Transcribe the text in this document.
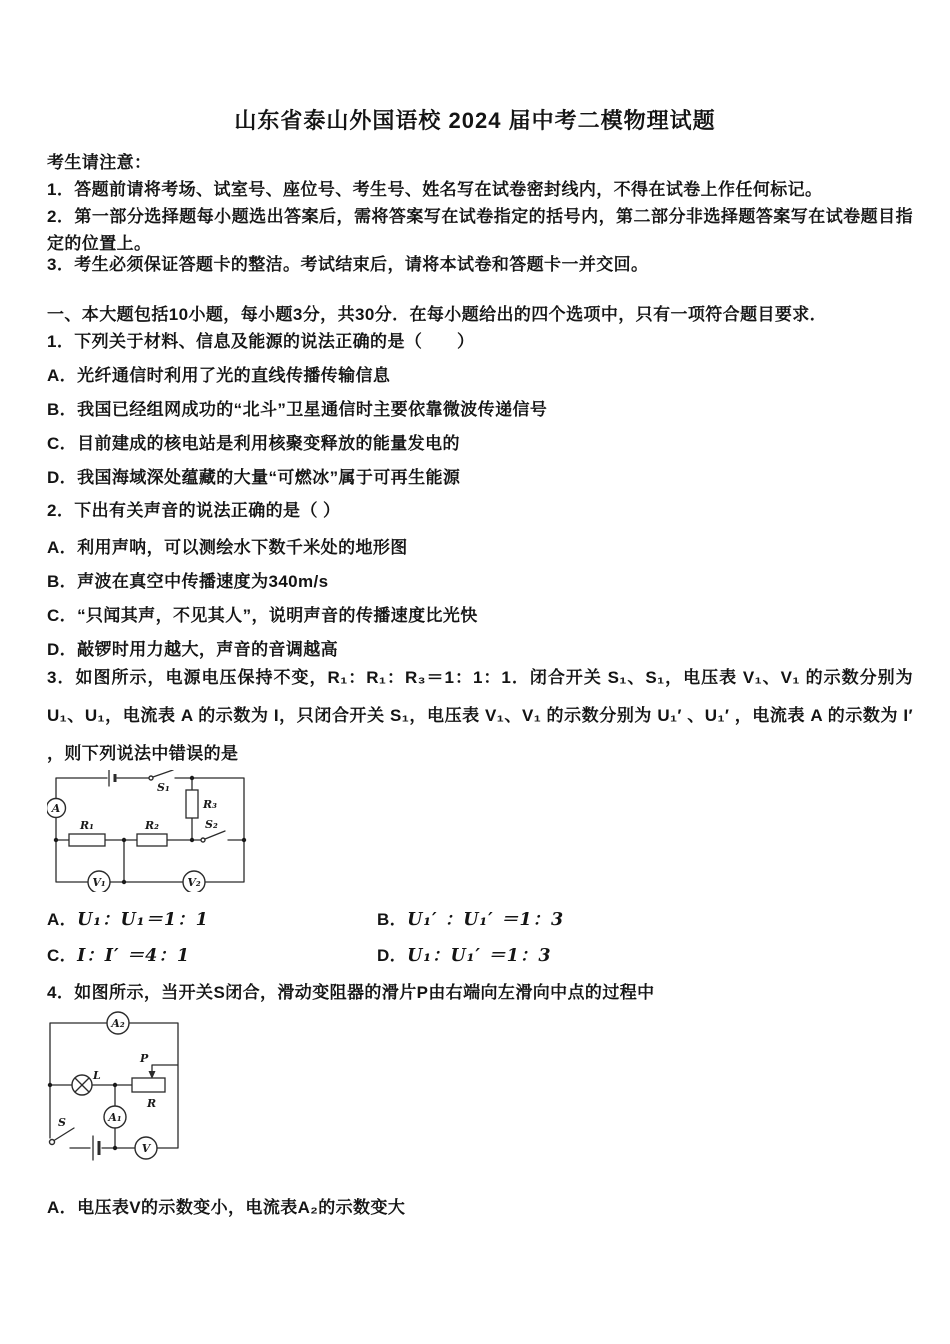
山东省泰山外国语校 2024 届中考二模物理试题
考生请注意：
1．答题前请将考场、试室号、座位号、考生号、姓名写在试卷密封线内，不得在试卷上作任何标记。
2．第一部分选择题每小题选出答案后，需将答案写在试卷指定的括号内，第二部分非选择题答案写在试卷题目指定的位置上。
3．考生必须保证答题卡的整洁。考试结束后，请将本试卷和答题卡一并交回。
一、本大题包括10小题，每小题3分，共30分．在每小题给出的四个选项中，只有一项符合题目要求．
1．下列关于材料、信息及能源的说法正确的是（　　）
A．光纤通信时利用了光的直线传播传输信息
B．我国已经组网成功的“北斗”卫星通信时主要依靠微波传递信号
C．目前建成的核电站是利用核聚变释放的能量发电的
D．我国海域深处蕴藏的大量“可燃冰”属于可再生能源
2．下出有关声音的说法正确的是（ ）
A．利用声呐，可以测绘水下数千米处的地形图
B．声波在真空中传播速度为340m/s
C．“只闻其声，不见其人”，说明声音的传播速度比光快
D．敲锣时用力越大，声音的音调越高
3．如图所示，电源电压保持不变，R₁：R₁：R₃＝1：1：1．闭合开关 S₁、S₁，电压表 V₁、V₁ 的示数分别为 U₁、U₁，电流表 A 的示数为 I，只闭合开关 S₁，电压表 V₁、V₁ 的示数分别为 U₁′ 、U₁′ ，电流表 A 的示数为 I′ ，则下列说法中错误的是
S₁
S₂
R₁	R₂
R₃
A
V₁	V₂
A．U₁：U₁＝1：1	B．U₁′ ：U₁′ ＝1：3
C．I：I′ ＝4：1	D．U₁：U₁′ ＝1：3
4．如图所示，当开关S闭合，滑动变阻器的滑片P由右端向左滑向中点的过程中
P
R
L
A₂
A₁
V
S
A．电压表V的示数变小，电流表A₂的示数变大
